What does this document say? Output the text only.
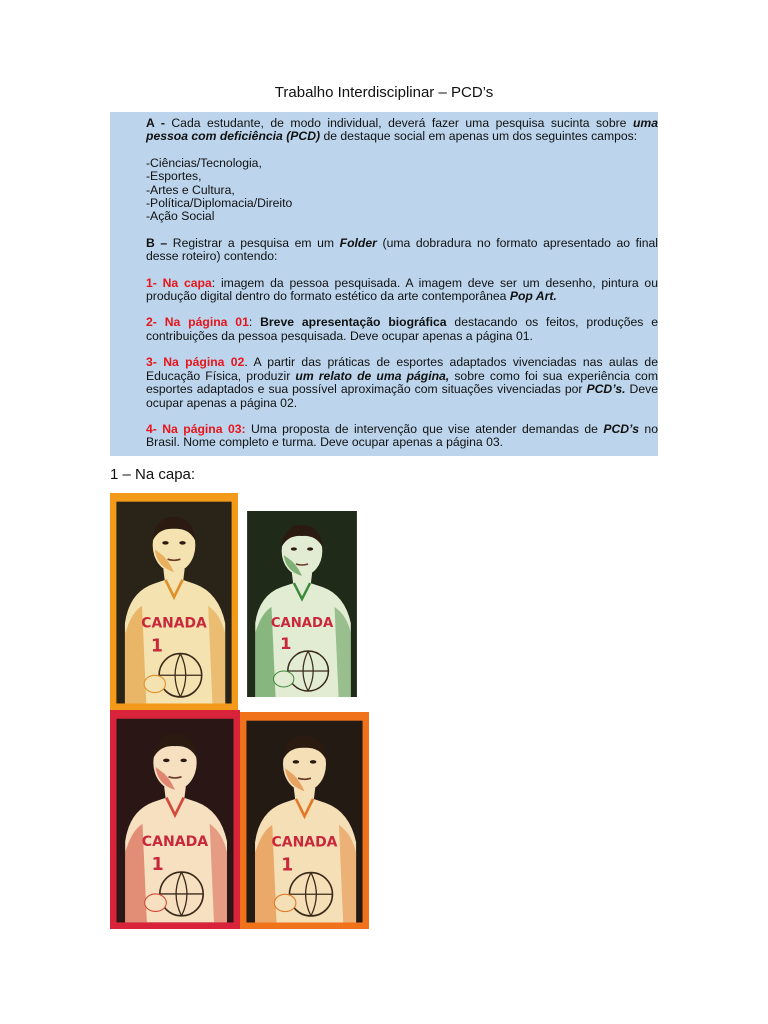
Trabalho Interdisciplinar – PCD’s

A - Cada estudante, de modo individual, deverá fazer uma pesquisa sucinta sobre uma pessoa com deficiência (PCD) de destaque social em apenas um dos seguintes campos:

-Ciências/Tecnologia,
-Esportes,
-Artes e Cultura,
-Política/Diplomacia/Direito
-Ação Social

B – Registrar a pesquisa em um Folder (uma dobradura no formato apresentado ao final desse roteiro) contendo:

1- Na capa: imagem da pessoa pesquisada. A imagem deve ser um desenho, pintura ou produção digital dentro do formato estético da arte contemporânea Pop Art.

2- Na página 01: Breve apresentação biográfica destacando os feitos, produções e contribuições da pessoa pesquisada. Deve ocupar apenas a página 01.

3- Na página 02. A partir das práticas de esportes adaptados vivenciadas nas aulas de Educação Física, produzir um relato de uma página, sobre como foi sua experiência com esportes adaptados e sua possível aproximação com situações vivenciadas por PCD’s. Deve ocupar apenas a página 02.

4- Na página 03: Uma proposta de intervenção que vise atender demandas de PCD’s no Brasil. Nome completo e turma. Deve ocupar apenas a página 03.

1 – Na capa:
CANADA
1
CANADA
1
CANADA
1
CANADA
1
